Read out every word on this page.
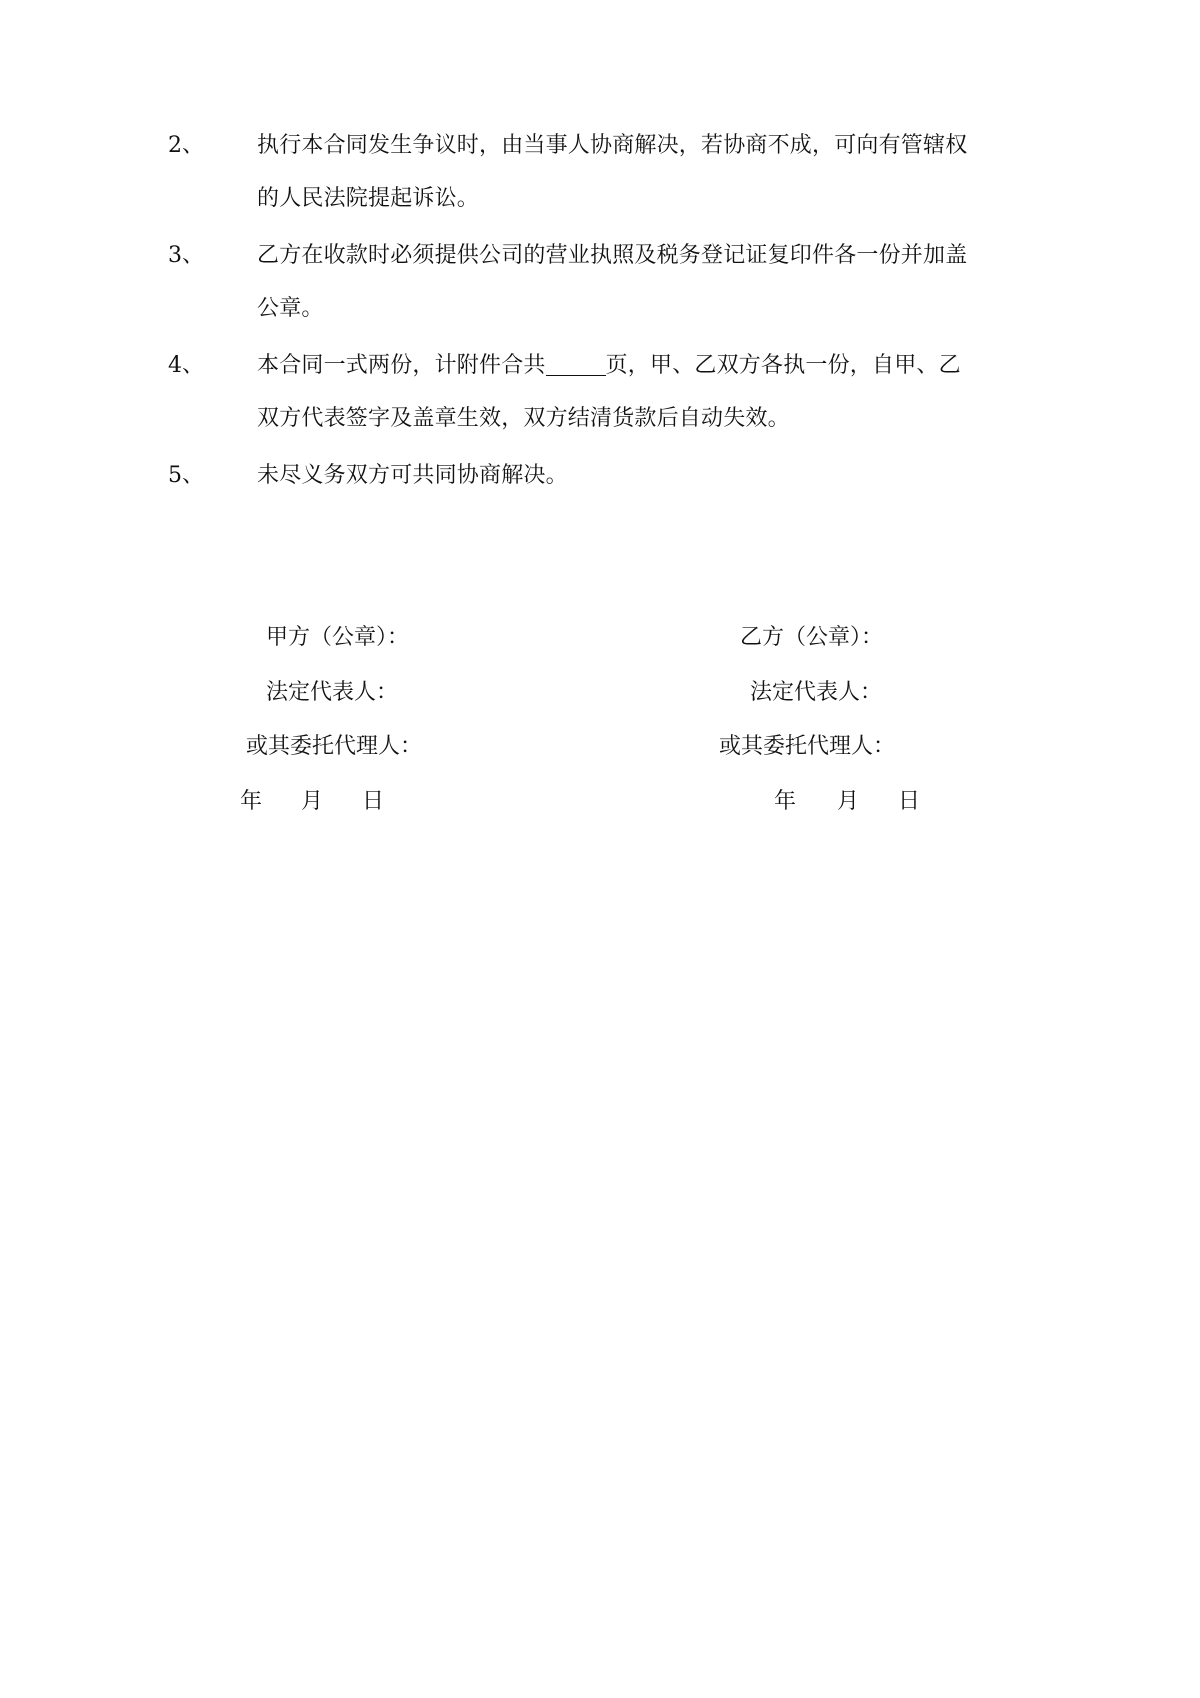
2、 执行本合同发生争议时，由当事人协商解决，若协商不成，可向有管辖权
的人民法院提起诉讼。
3、 乙方在收款时必须提供公司的营业执照及税务登记证复印件各一份并加盖
公章。
4、 本合同一式两份，计附件合共	页，甲、乙双方各执一份，自甲、乙
双方代表签字及盖章生效，双方结清货款后自动失效。
5、 未尽义务双方可共同协商解决。
甲方（公章）：
法定代表人：
或其委托代理人：
年 月 日
乙方（公章）：
法定代表人：
或其委托代理人：
年 月 日
